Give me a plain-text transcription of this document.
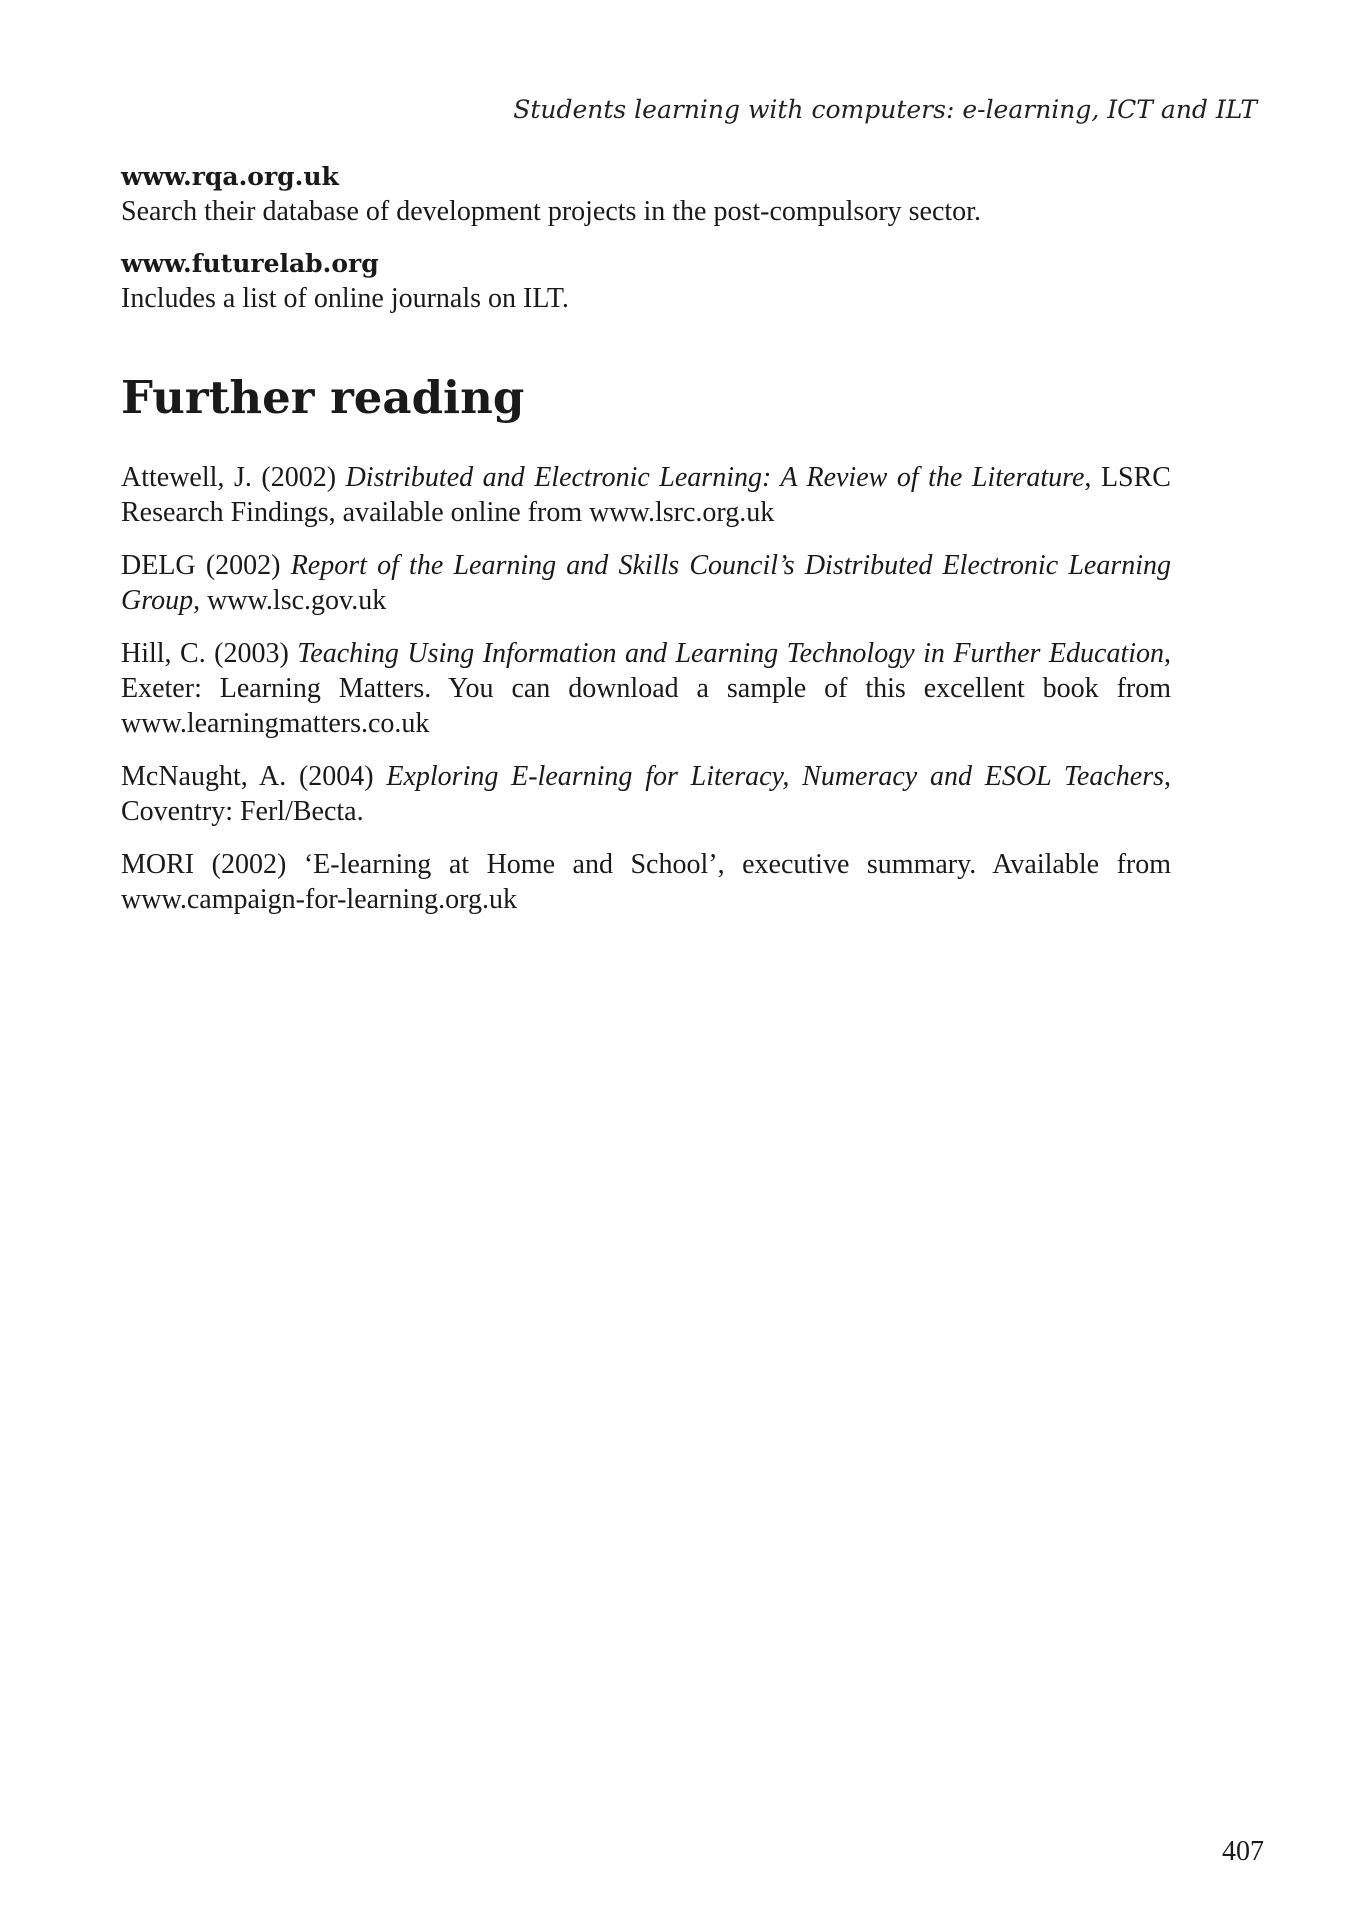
Students learning with computers: e-learning, ICT and ILT
www.rqa.org.uk
Search their database of development projects in the post-compulsory sector.
www.futurelab.org
Includes a list of online journals on ILT.
Further reading

Attewell, J. (2002) Distributed and Electronic Learning: A Review of the Literature, LSRC Research Findings, available online from www.lsrc.org.uk

DELG (2002) Report of the Learning and Skills Council’s Distributed Electronic Learning Group, www.lsc.gov.uk

Hill, C. (2003) Teaching Using Information and Learning Technology in Further Education, Exeter: Learning Matters. You can download a sample of this excellent book from www.learningmatters.co.uk

McNaught, A. (2004) Exploring E-learning for Literacy, Numeracy and ESOL Teachers, Coventry: Ferl/Becta.

MORI (2002) ‘E-learning at Home and School’, executive summary. Available from www.campaign-for-learning.org.uk

407
